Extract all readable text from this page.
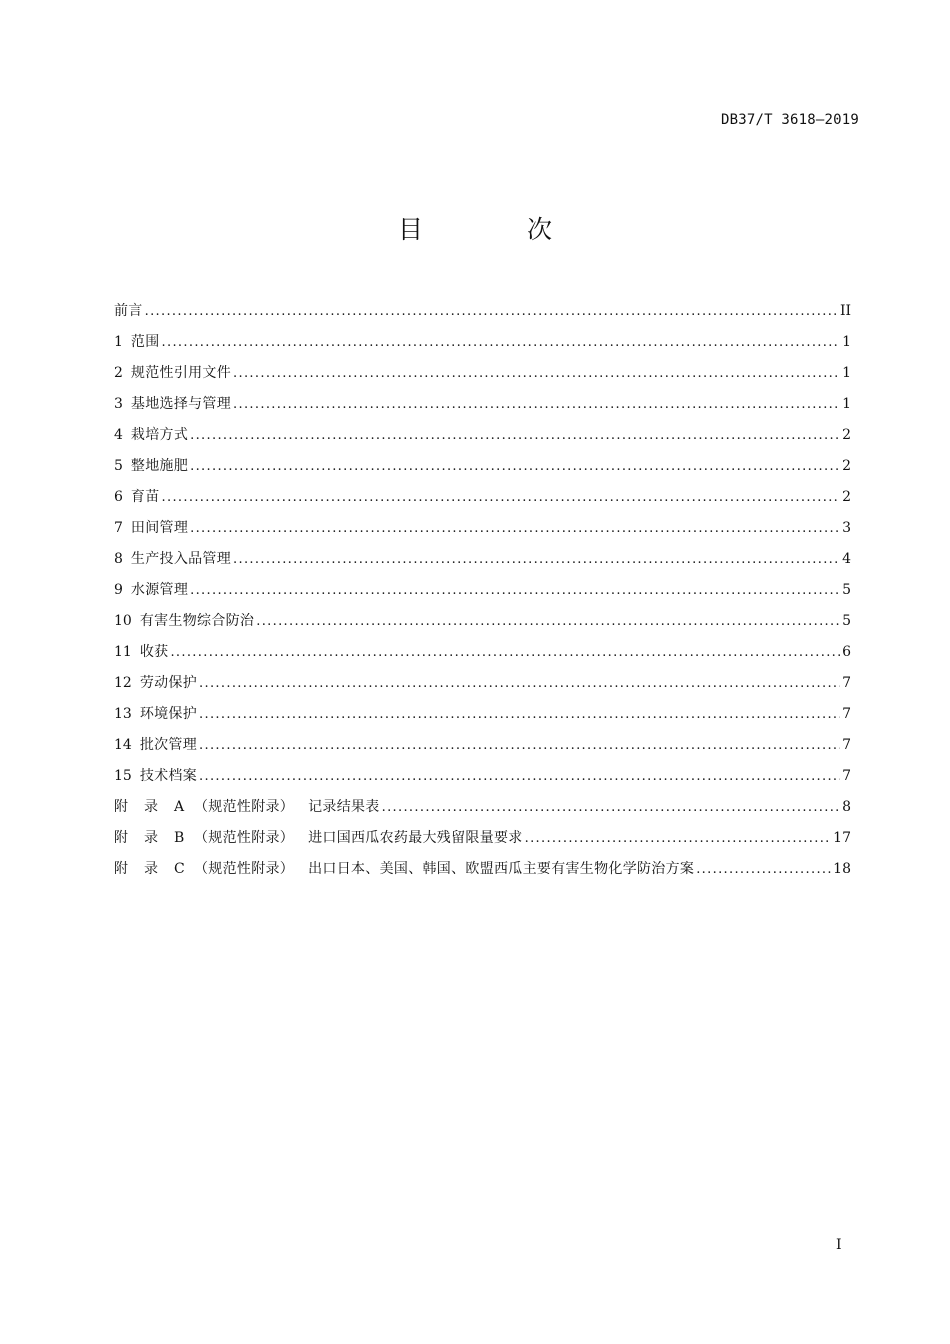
DB37/T 3618—2019
目 次
前言 . . .	II
1 范围 . . .	1
2 规范性引用文件 . . .	1
3 基地选择与管理 . . .	1
4 栽培方式 . . .	2
5 整地施肥 . . .	2
6 育苗 . . .	2
7 田间管理 . . .	3
8 生产投入品管理 . . .	4
9 水源管理 . . .	5
10 有害生物综合防治 . . .	5
11 收获 . . .	6
12 劳动保护 . . .	7
13 环境保护 . . .	7
14 批次管理 . . .	7
15 技术档案 . . .	7
附 录 A （规范性附录） 记录结果表 . . .	8
附 录 B （规范性附录） 进口国西瓜农药最大残留限量要求 . . .	17
附 录 C （规范性附录） 出口日本、美国、韩国、欧盟西瓜主要有害生物化学防治方案 . . .	18
I
